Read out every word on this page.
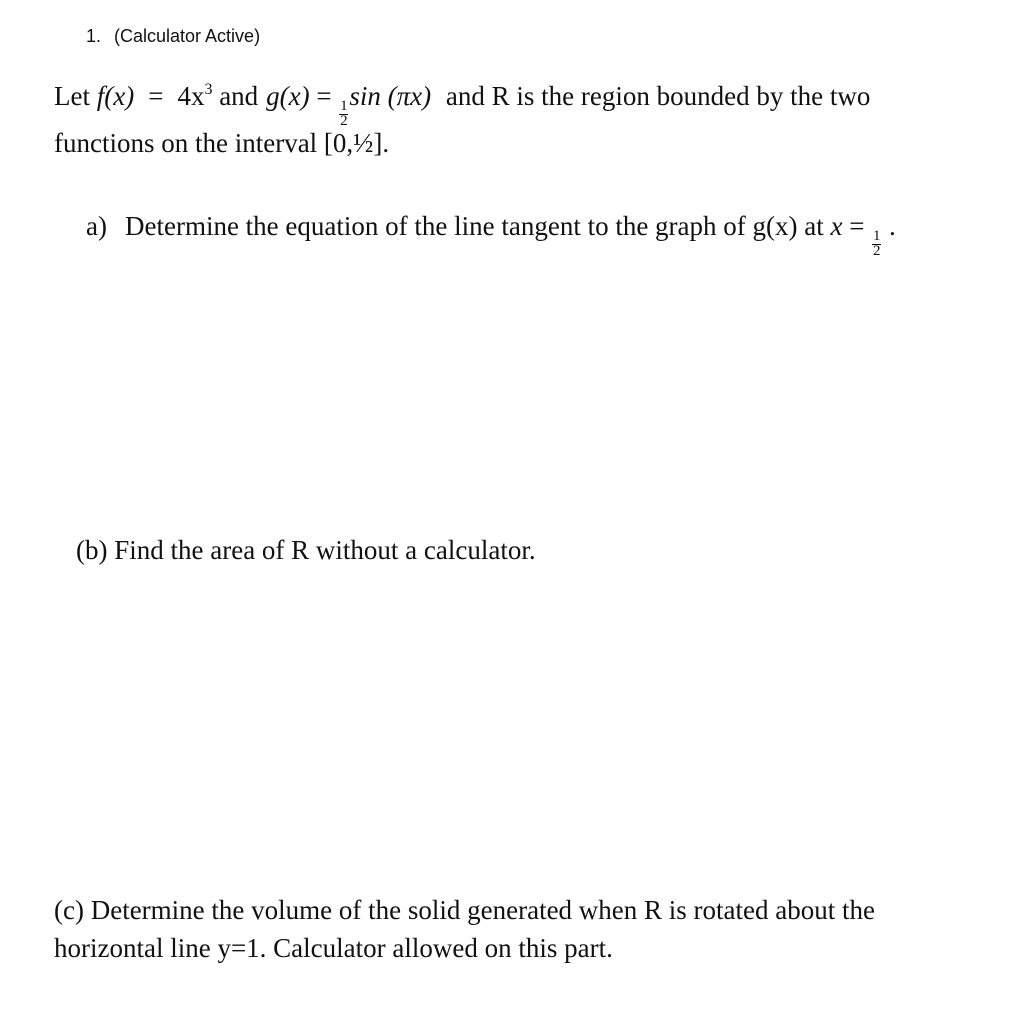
1. (Calculator Active)
Let $f(x) = 4x^3$ and g(x) =
$\frac{1}{2}$
sin (πx) and R is the region bounded by the two
functions on the interval [0,½].
a) Determine the equation of the line tangent to the graph of g(x) at x =
$\frac{1}{2}$
.
(b) Find the area of R without a calculator.
(c) Determine the volume of the solid generated when R is rotated about the
horizontal line y=1. Calculator allowed on this part.
